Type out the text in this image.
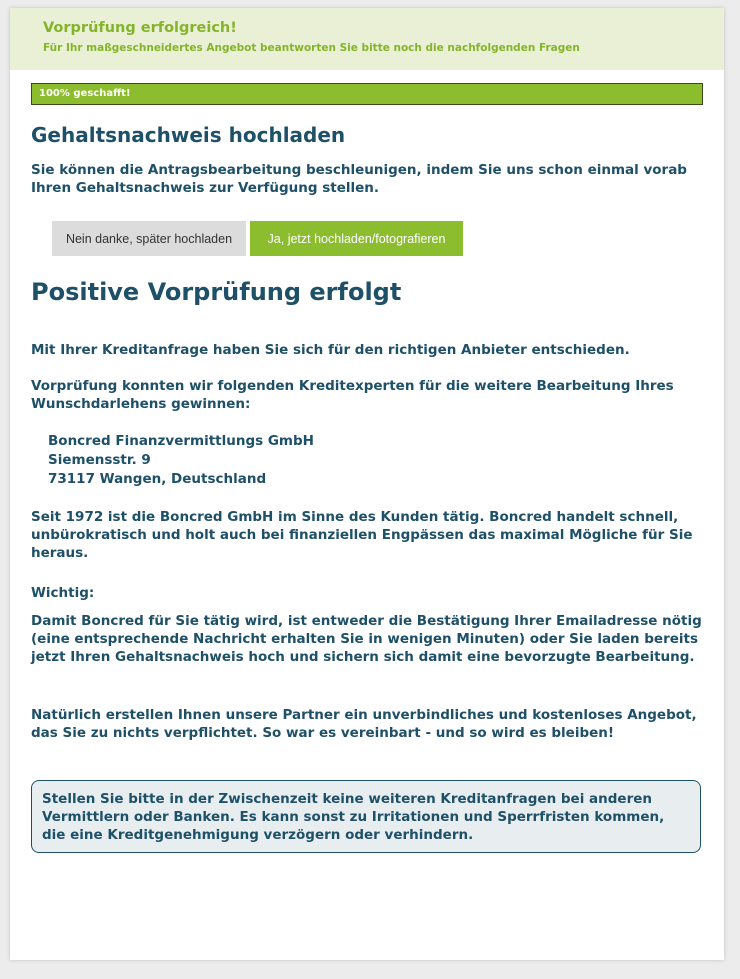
Vorprüfung erfolgreich!
Für Ihr maßgeschneidertes Angebot beantworten Sie bitte noch die nachfolgenden Fragen
100% geschafft!
Gehaltsnachweis hochladen
Sie können die Antragsbearbeitung beschleunigen, indem Sie uns schon einmal vorab Ihren Gehaltsnachweis zur Verfügung stellen.
Nein danke, später hochladen	Ja, jetzt hochladen/fotografieren
Positive Vorprüfung erfolgt
Mit Ihrer Kreditanfrage haben Sie sich für den richtigen Anbieter entschieden.
Vorprüfung konnten wir folgenden Kreditexperten für die weitere Bearbeitung Ihres Wunschdarlehens gewinnen:
Boncred Finanzvermittlungs GmbH
Siemensstr. 9
73117 Wangen, Deutschland
Seit 1972 ist die Boncred GmbH im Sinne des Kunden tätig. Boncred handelt schnell, unbürokratisch und holt auch bei finanziellen Engpässen das maximal Mögliche für Sie heraus.
Wichtig:
Damit Boncred für Sie tätig wird, ist entweder die Bestätigung Ihrer Emailadresse nötig (eine entsprechende Nachricht erhalten Sie in wenigen Minuten) oder Sie laden bereits jetzt Ihren Gehaltsnachweis hoch und sichern sich damit eine bevorzugte Bearbeitung.
Natürlich erstellen Ihnen unsere Partner ein unverbindliches und kostenloses Angebot, das Sie zu nichts verpflichtet. So war es vereinbart - und so wird es bleiben!
Stellen Sie bitte in der Zwischenzeit keine weiteren Kreditanfragen bei anderen Vermittlern oder Banken. Es kann sonst zu Irritationen und Sperrfristen kommen, die eine Kreditgenehmigung verzögern oder verhindern.
